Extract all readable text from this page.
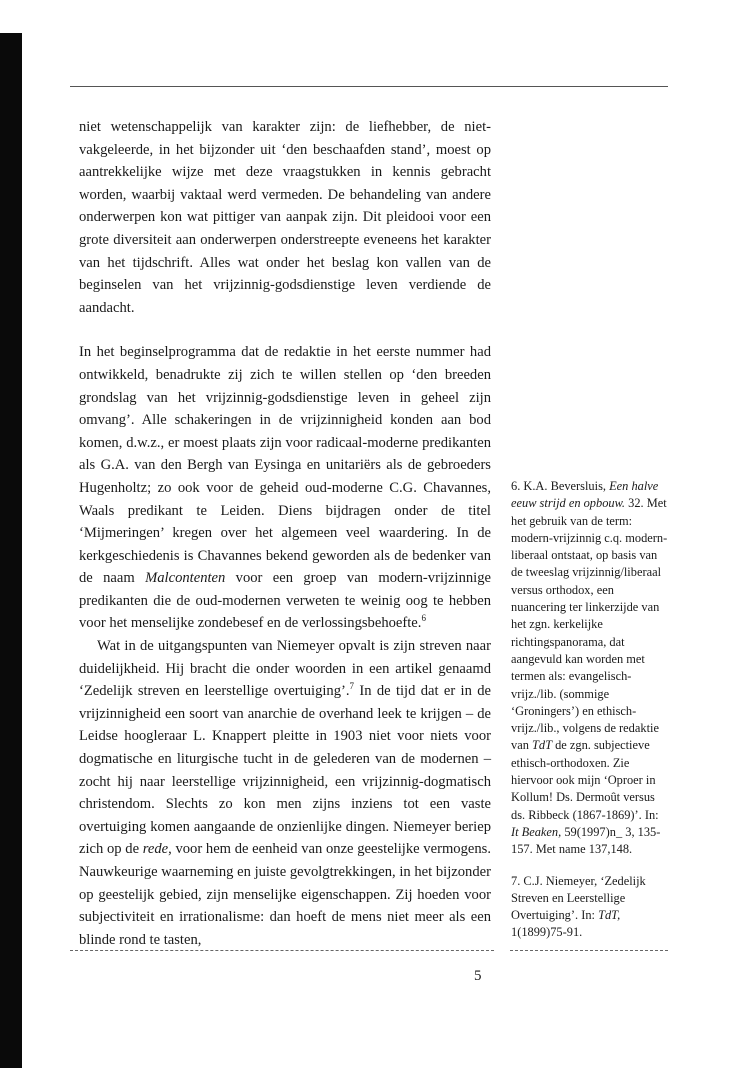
niet wetenschappelijk van karakter zijn: de liefhebber, de niet-vakgeleerde, in het bijzonder uit ‘den beschaafden stand’, moest op aantrekkelijke wijze met deze vraagstukken in kennis gebracht worden, waarbij vaktaal werd vermeden. De behandeling van andere onderwerpen kon wat pittiger van aanpak zijn. Dit pleidooi voor een grote diversiteit aan onderwerpen onderstreepte eveneens het karakter van het tijdschrift. Alles wat onder het beslag kon vallen van de beginselen van het vrijzinnig-godsdienstige leven verdiende de aandacht.

In het beginselprogramma dat de redaktie in het eerste nummer had ontwikkeld, benadrukte zij zich te willen stellen op ‘den breeden grondslag van het vrijzinnig-godsdienstige leven in geheel zijn omvang’. Alle schakeringen in de vrijzinnigheid konden aan bod komen, d.w.z., er moest plaats zijn voor radicaal-moderne predikanten als G.A. van den Bergh van Eysinga en unitariërs als de gebroeders Hugenholtz; zo ook voor de geheid oud-moderne C.G. Chavannes, Waals predikant te Leiden. Diens bijdragen onder de titel ‘Mijmeringen’ kregen over het algemeen veel waardering. In de kerkgeschiedenis is Chavannes bekend geworden als de bedenker van de naam Malcontenten voor een groep van modern-vrijzinnige predikanten die de oud-modernen verweten te weinig oog te hebben voor het menselijke zondebesef en de verlossingsbehoefte.$^6$

Wat in de uitgangspunten van Niemeyer opvalt is zijn streven naar duidelijkheid. Hij bracht die onder woorden in een artikel genaamd ‘Zedelijk streven en leerstellige overtuiging’.$^7$ In de tijd dat er in de vrijzinnigheid een soort van anarchie de overhand leek te krijgen – de Leidse hoogleraar L. Knappert pleitte in 1903 niet voor niets voor dogmatische en liturgische tucht in de gelederen van de modernen – zocht hij naar leerstellige vrijzinnigheid, een vrijzinnig-dogmatisch christendom. Slechts zo kon men zijns inziens tot een vaste overtuiging komen aangaande de onzienlijke dingen. Niemeyer beriep zich op de rede, voor hem de eenheid van onze geestelijke vermogens. Nauwkeurige waarneming en juiste gevolgtrekkingen, in het bijzonder op geestelijk gebied, zijn menselijke eigenschappen. Zij hoeden voor subjectiviteit en irrationalisme: dan hoeft de mens niet meer als een blinde rond te tasten,

6. K.A. Beversluis, Een halve eeuw strijd en opbouw. 32. Met het gebruik van de term: modern-vrijzinnig c.q. modern-liberaal ontstaat, op basis van de tweeslag vrijzinnig/liberaal versus orthodox, een nuancering ter linkerzijde van het zgn. kerkelijke richtingspanorama, dat aangevuld kan worden met termen als: evangelisch-vrijz./lib. (sommige ‘Groningers’) en ethisch-vrijz./lib., volgens de redaktie van TdT de zgn. subjectieve ethisch-orthodoxen. Zie hiervoor ook mijn ‘Oproer in Kollum! Ds. Dermoût versus ds. Ribbeck (1867-1869)’. In: It Beaken, 59(1997)n_ 3, 135-157. Met name 137,148.

7. C.J. Niemeyer, ‘Zedelijk Streven en Leerstellige Overtuiging’. In: TdT, 1(1899)75-91.

5
